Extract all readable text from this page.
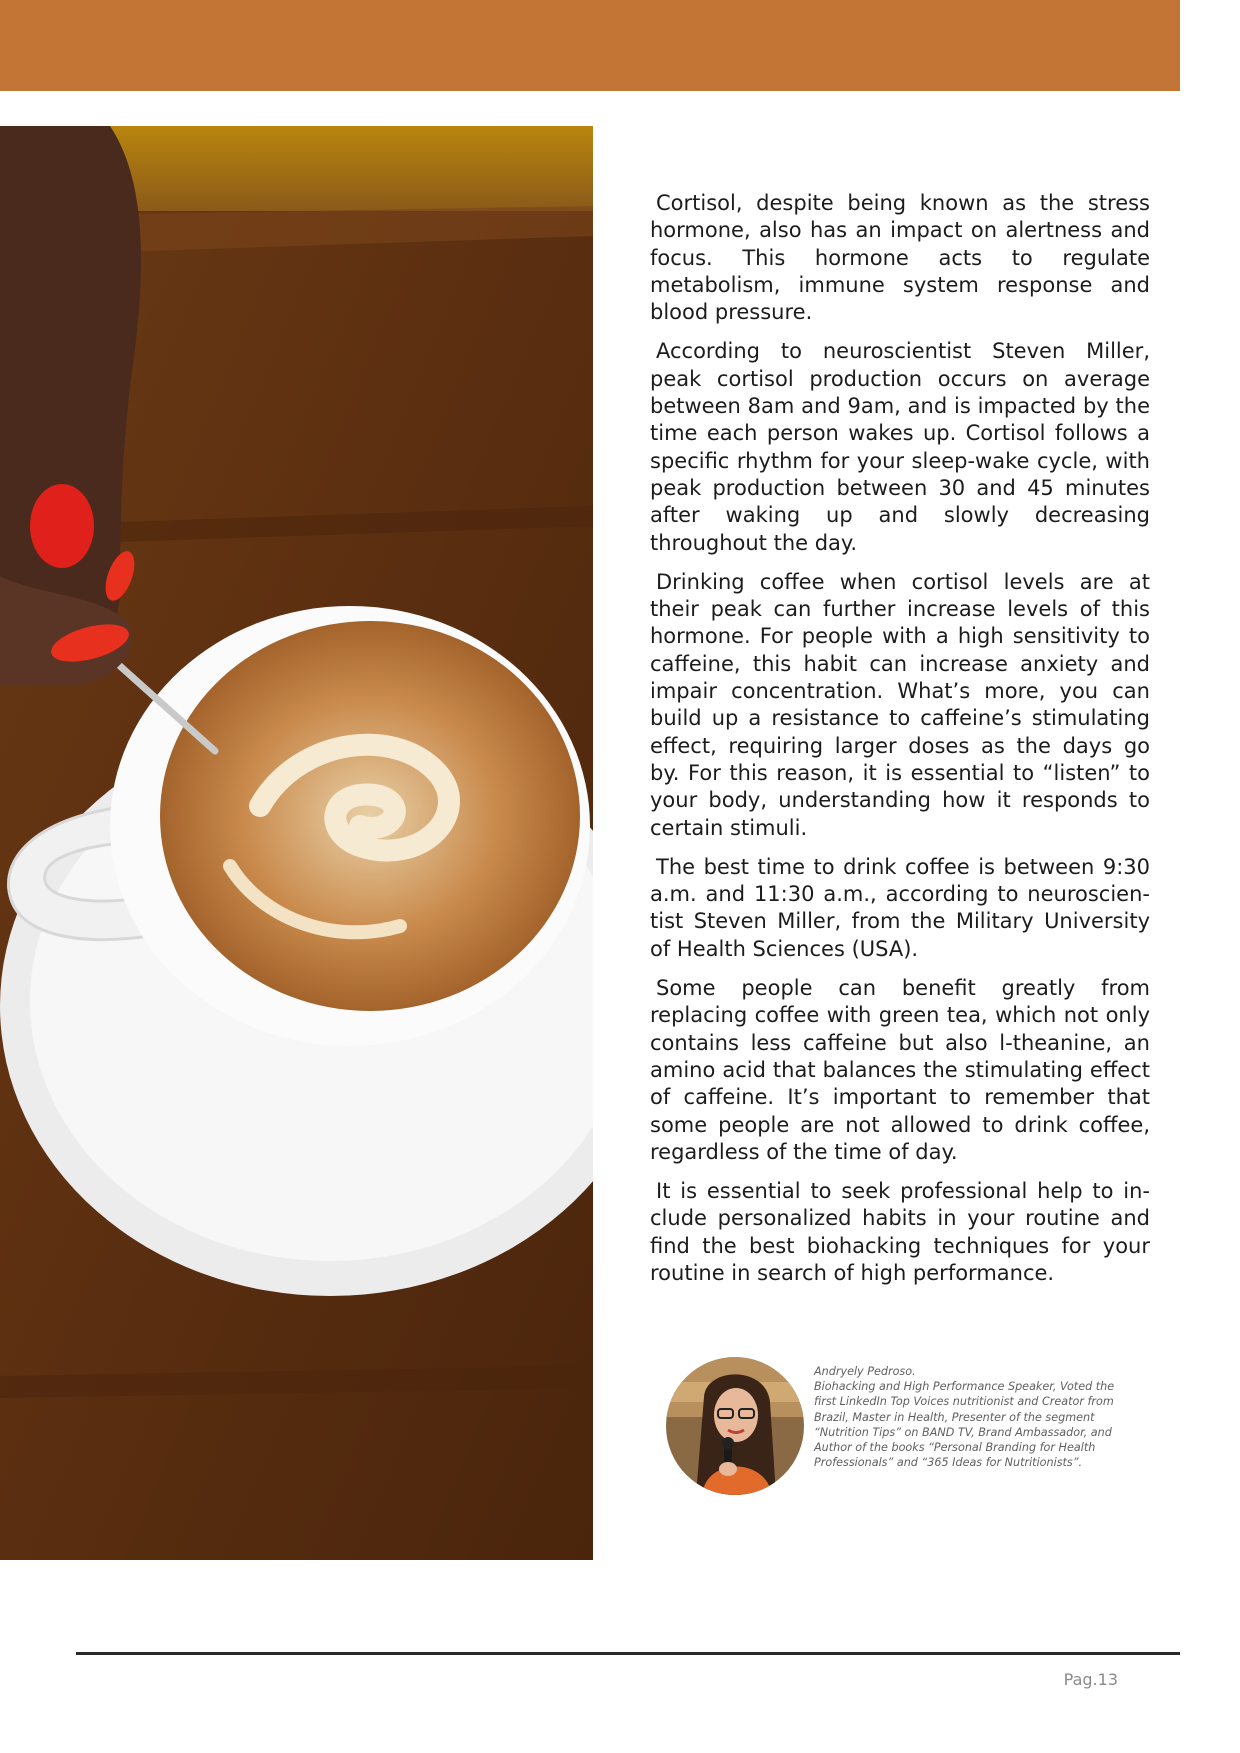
Cortisol, despite being known as the stress hormone, also has an impact on alertness and focus. This hormone acts to regulate metabolism, immune system response and blood pressure.

According to neuroscientist Steven Miller, peak cortisol production occurs on average between 8am and 9am, and is impacted by the time each person wakes up. Cortisol follows a specific rhythm for your sleep-wake cycle, with peak production between 30 and 45 minutes after waking up and slowly decreasing throughout the day.

Drinking coffee when cortisol levels are at their peak can further increase levels of this hormone. For people with a high sensitivity to caffeine, this habit can increase anxiety and impair concentration. What’s more, you can build up a resistance to caffeine’s stimulating effect, requiring larger doses as the days go by. For this reason, it is essential to “listen” to your body, understanding how it responds to certain stimuli.

The best time to drink coffee is between 9:30 a.m. and 11:30 a.m., according to neuroscientist Steven Miller, from the Military University of Health Sciences (USA).

Some people can benefit greatly from replacing coffee with green tea, which not only contains less caffeine but also l-theanine, an amino acid that balances the stimulating effect of caffeine. It’s important to remember that some people are not allowed to drink coffee, regardless of the time of day.

It is essential to seek professional help to include personalized habits in your routine and find the best biohacking techniques for your routine in search of high performance.

Andryely Pedroso.
Biohacking and High Performance Speaker, Voted the first LinkedIn Top Voices nutritionist and Creator from Brazil, Master in Health, Presenter of the segment “Nutrition Tips” on BAND TV, Brand Ambassador, and Author of the books “Personal Branding for Health Professionals” and “365 Ideas for Nutritionists”.
Pag.13
